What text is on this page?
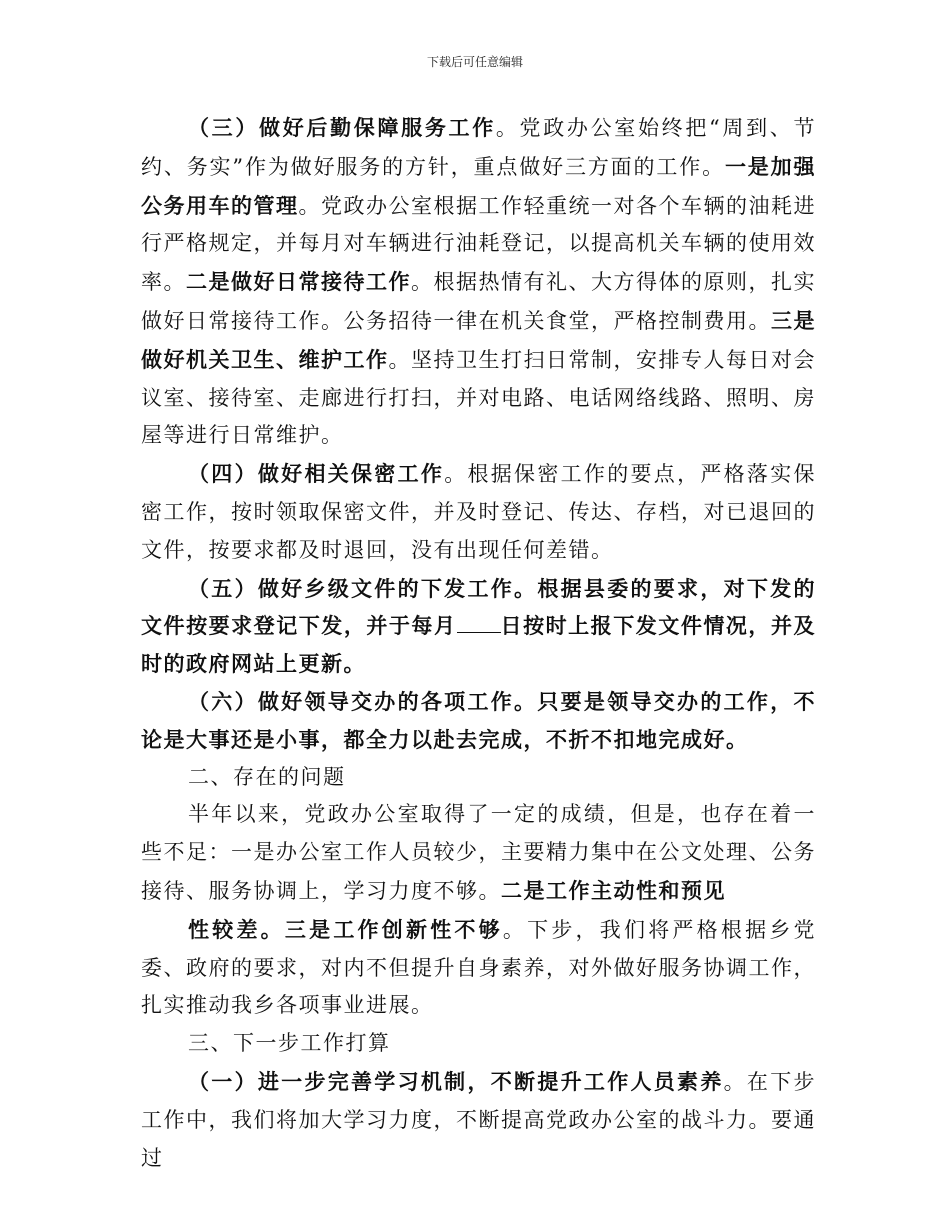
下载后可任意编辑

（三）做好后勤保障服务工作。党政办公室始终把“周到、节约、务实”作为做好服务的方针，重点做好三方面的工作。一是加强公务用车的管理。党政办公室根据工作轻重统一对各个车辆的油耗进行严格规定，并每月对车辆进行油耗登记，以提高机关车辆的使用效率。二是做好日常接待工作。根据热情有礼、大方得体的原则，扎实做好日常接待工作。公务招待一律在机关食堂，严格控制费用。三是做好机关卫生、维护工作。坚持卫生打扫日常制，安排专人每日对会议室、接待室、走廊进行打扫，并对电路、电话网络线路、照明、房屋等进行日常维护。

（四）做好相关保密工作。根据保密工作的要点，严格落实保密工作，按时领取保密文件，并及时登记、传达、存档，对已退回的文件，按要求都及时退回，没有出现任何差错。

（五）做好乡级文件的下发工作。根据县委的要求，对下发的文件按要求登记下发，并于每月 日按时上报下发文件情况，并及时的政府网站上更新。

（六）做好领导交办的各项工作。只要是领导交办的工作，不论是大事还是小事，都全力以赴去完成，不折不扣地完成好。

二、存在的问题

半年以来，党政办公室取得了一定的成绩，但是，也存在着一些不足：一是办公室工作人员较少，主要精力集中在公文处理、公务接待、服务协调上，学习力度不够。二是工作主动性和预见

性较差。三是工作创新性不够。下步，我们将严格根据乡党委、政府的要求，对内不但提升自身素养，对外做好服务协调工作，扎实推动我乡各项事业进展。

三、下一步工作打算

（一）进一步完善学习机制，不断提升工作人员素养。在下步工作中，我们将加大学习力度，不断提高党政办公室的战斗力。要通过
